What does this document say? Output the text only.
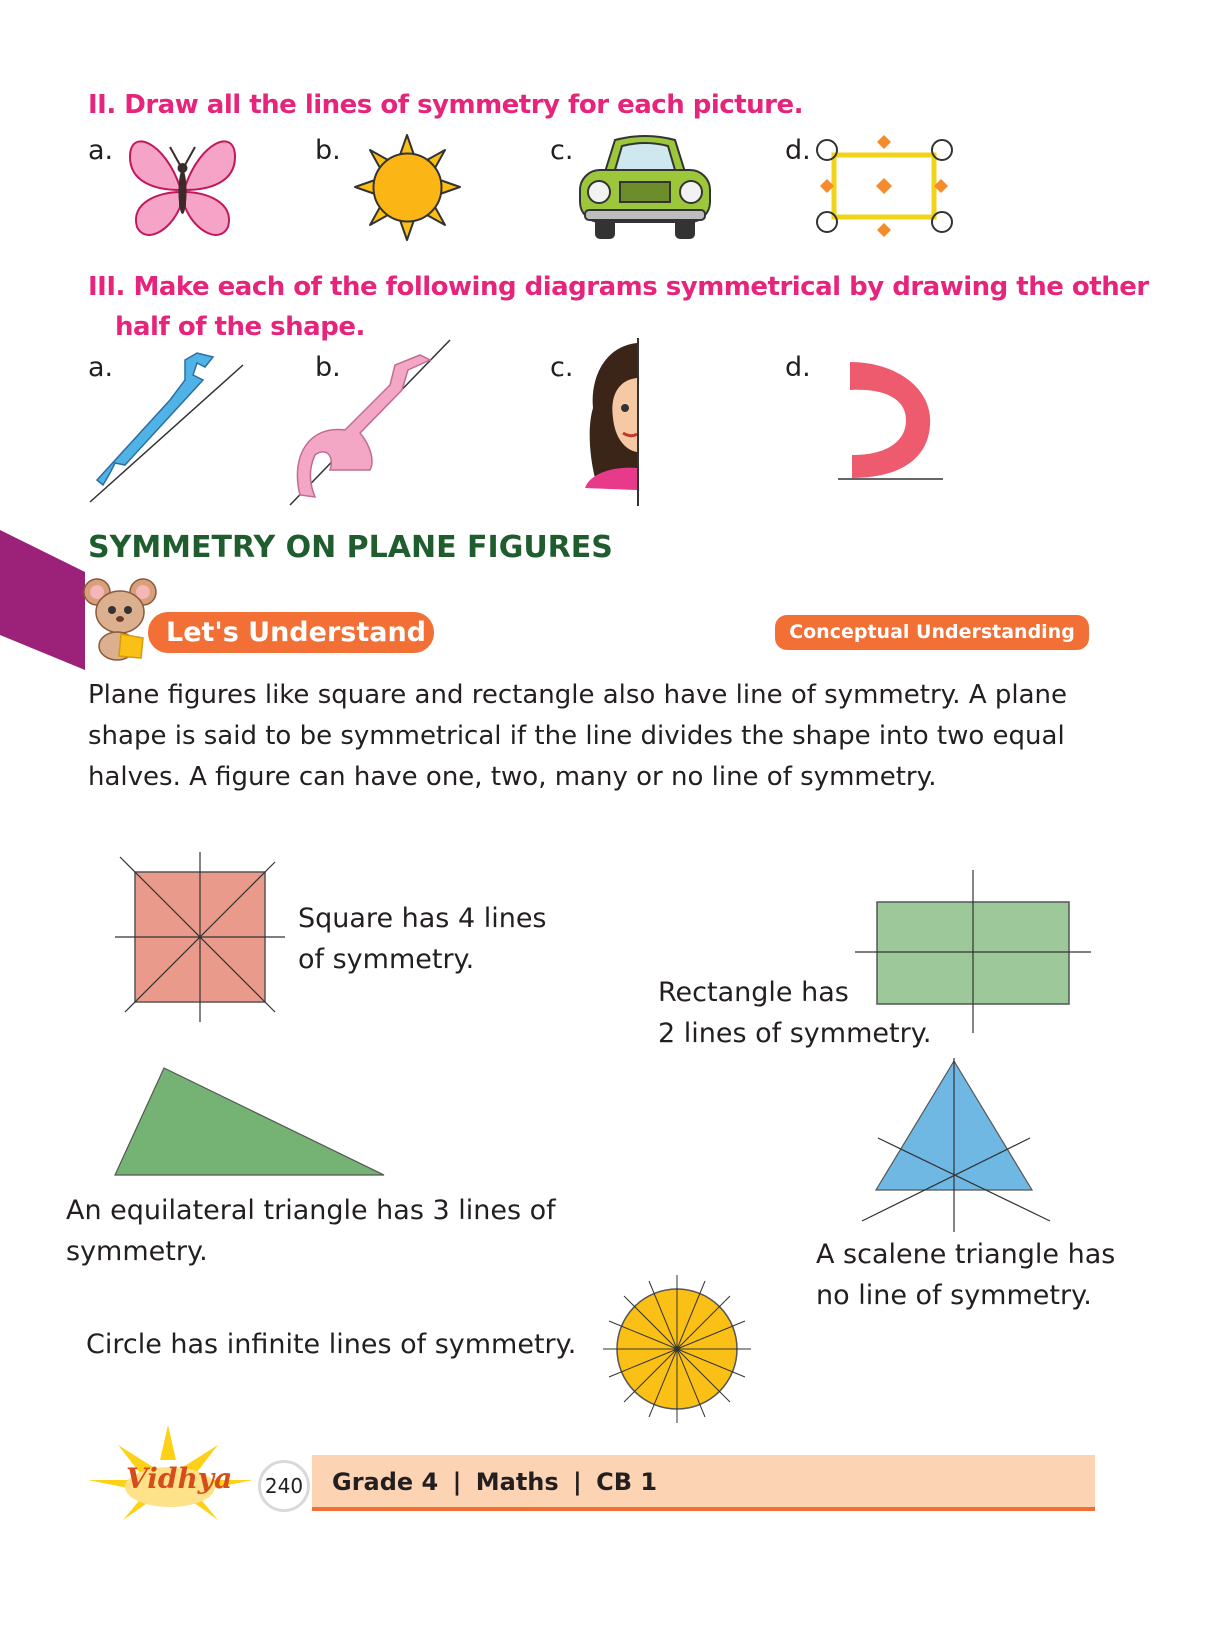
II. Draw all the lines of symmetry for each picture.
a.	b.	c.	d.
III. Make each of the following diagrams symmetrical by drawing the other
half of the shape.
a.	b.	c.	d.
SYMMETRY ON PLANE FIGURES
Let's Understand	Conceptual Understanding
Plane figures like square and rectangle also have line of symmetry. A plane
shape is said to be symmetrical if the line divides the shape into two equal
halves. A figure can have one, two, many or no line of symmetry.
Square has 4 lines
of symmetry.
Rectangle has
2 lines of symmetry.
An equilateral triangle has 3 lines of
symmetry.	A scalene triangle has
no line of symmetry.
Circle has infinite lines of symmetry.
Vidhya	240 Grade 4 | Maths | CB 1
